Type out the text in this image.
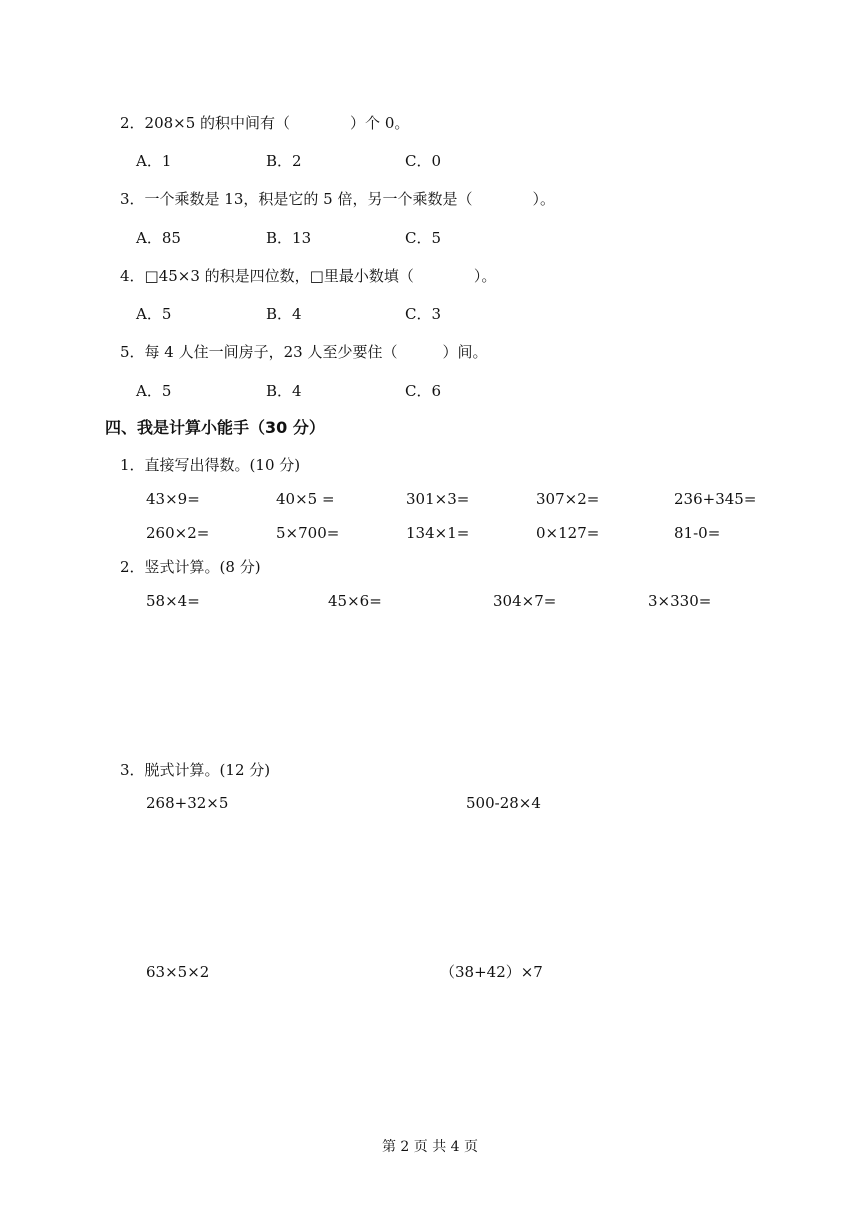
2．208×5 的积中间有（　　　　）个 0。
A．1	B．2	C．0
3．一个乘数是 13，积是它的 5 倍，另一个乘数是（　　　　）。
A．85	B．13	C．5
4．□45×3 的积是四位数，□里最小数填（　　　　）。
A．5	B．4	C．3
5．每 4 人住一间房子，23 人至少要住（　　　）间。
A．5	B．4	C．6
四、我是计算小能手（30 分）
1．直接写出得数。(10 分)
43×9=	40×5 =	301×3=	307×2=	236+345=
260×2=	5×700=	134×1=	0×127=	81-0=
2．竖式计算。(8 分)
58×4=	45×6=	304×7=	3×330=
3．脱式计算。(12 分)
268+32×5	500-28×4
63×5×2	（38+42）×7
第 2 页 共 4 页
